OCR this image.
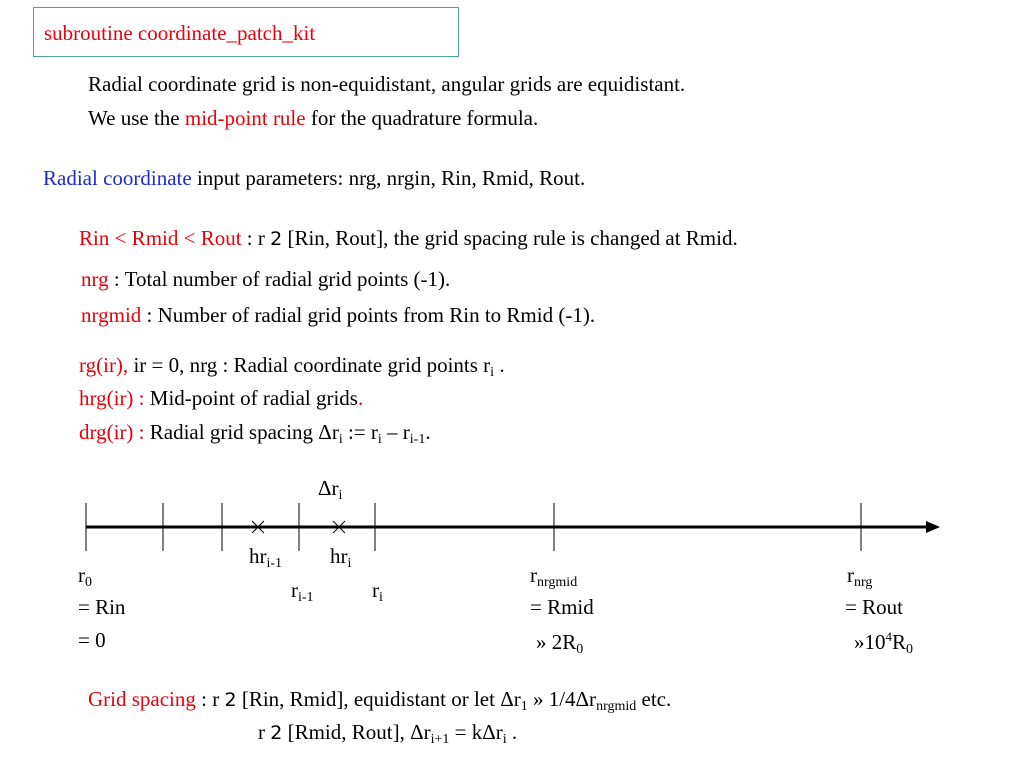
subroutine coordinate_patch_kit
Radial coordinate grid is non-equidistant, angular grids are equidistant.
We use the mid-point rule for the quadrature formula.
Radial coordinate input parameters: nrg, nrgin, Rin, Rmid, Rout.
Rin < Rmid < Rout : r 2 [Rin, Rout], the grid spacing rule is changed at Rmid.
nrg : Total number of radial grid points (-1).
nrgmid : Number of radial grid points from Rin to Rmid (-1).
rg(ir), ir = 0, nrg : Radial coordinate grid points $r_i$ .
hrg(ir) : Mid-point of radial grids.
drg(ir) : Radial grid spacing $\Delta r_i$ := $r_i - r_{i-1}$.
$\Delta r_i$
$hr_{i-1}$ $hr_i$
$r_0$
= Rin
= 0
$r_{i-1}$	$r_i$
$r_{nrgmid}$
= Rmid
» $2R_0$
$r_{nrg}$
= Rout
$»10^4R_0$
Grid spacing : r 2 [Rin, Rmid], equidistant or let $\Delta r_1$ » $1/4\Delta r_{nrgmid}$ etc.
r 2 [Rmid, Rout], $\Delta r_{i+1} = k\Delta r_i$ .
